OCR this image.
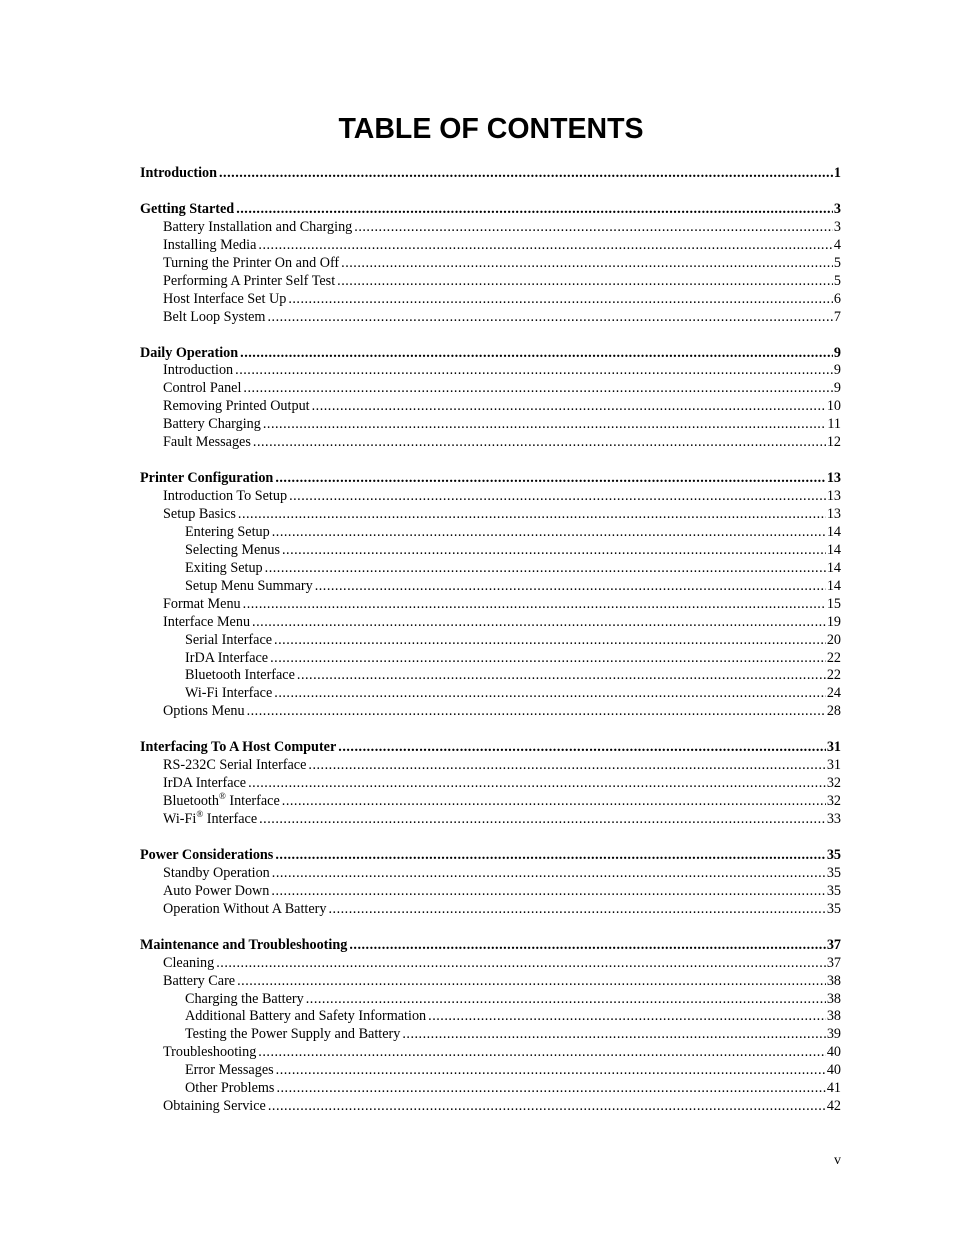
TABLE OF CONTENTS
Introduction .....	1
Getting Started .....	3
Battery Installation and Charging .....	3
Installing Media .....	4
Turning the Printer On and Off .....	5
Performing A Printer Self Test .....	5
Host Interface Set Up .....	6
Belt Loop System .....	7
Daily Operation .....	9
Introduction .....	9
Control Panel .....	9
Removing Printed Output .....	10
Battery Charging .....	11
Fault Messages .....	12
Printer Configuration .....	13
Introduction To Setup .....	13
Setup Basics .....	13
Entering Setup .....	14
Selecting Menus .....	14
Exiting Setup .....	14
Setup Menu Summary .....	14
Format Menu .....	15
Interface Menu .....	19
Serial Interface .....	20
IrDA Interface .....	22
Bluetooth Interface .....	22
Wi-Fi Interface .....	24
Options Menu .....	28
Interfacing To A Host Computer .....	31
RS-232C Serial Interface .....	31
IrDA Interface .....	32
Bluetooth® Interface .....	32
Wi-Fi® Interface .....	33
Power Considerations .....	35
Standby Operation .....	35
Auto Power Down .....	35
Operation Without A Battery .....	35
Maintenance and Troubleshooting .....	37
Cleaning .....	37
Battery Care .....	38
Charging the Battery .....	38
Additional Battery and Safety Information .....	38
Testing the Power Supply and Battery .....	39
Troubleshooting .....	40
Error Messages .....	40
Other Problems .....	41
Obtaining Service .....	42
v
